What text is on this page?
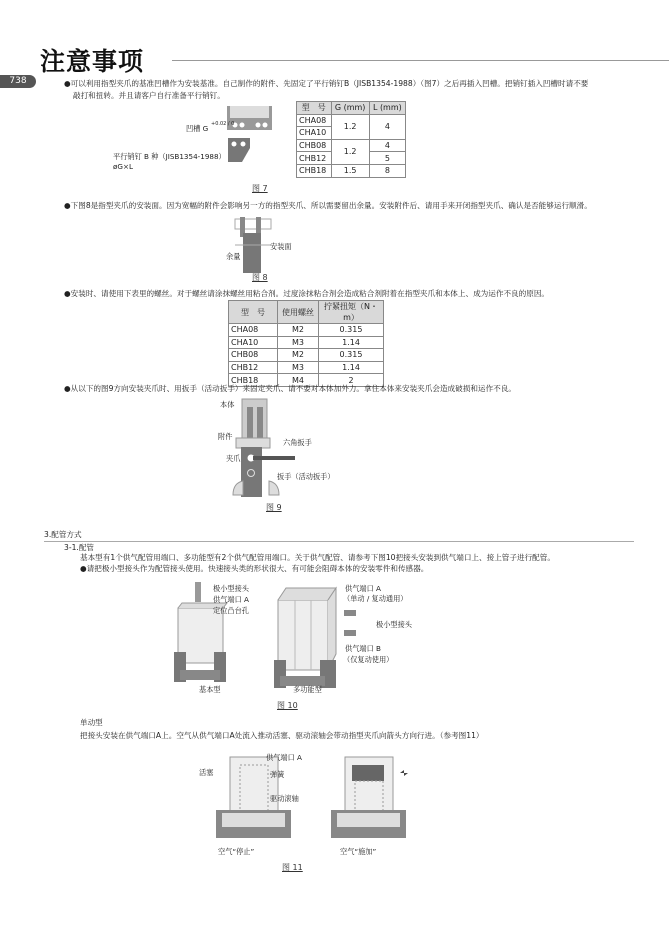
注意事项
738	●可以利用指型夹爪的基准凹槽作为安装基准。自己制作的附件、先固定了平行销钉B（JISB1354-1988）（图7）之后再插入凹槽。把销钉插入凹槽时请不要
敲打和扭转。并且请客户自行准备平行销钉。
凹槽 G +0.02 / 0
平行销钉 B 种（JISB1354-1988）
øG×L
型　号	G (mm)	L (mm)
CHA08	1.2	4
CHA10		
CHB08	1.2	4
CHB12		5
CHB18	1.5	8
图 7
●下图8是指型夹爪的安装面。因为宽幅的附件会影响另一方的指型夹爪、所以需要留出余量。安装附件后、请用手来开闭指型夹爪、确认是否能够运行顺滑。
安装面
余量
图 8
●安装时、请使用下表里的螺丝。对于螺丝请涂抹螺丝用粘合剂。过度涂抹粘合剂会造成粘合剂附着在指型夹爪和本体上、成为运作不良的原因。
型　号	使用螺丝	拧紧扭矩（N・m）
CHA08	M2	0.315
CHA10	M3	1.14
CHB08	M2	0.315
CHB12	M3	1.14
CHB18	M4	2
●从以下的图9方向安装夹爪时、用扳手（活动扳手）来固定夹爪、请不要对本体加外力。拿住本体来安装夹爪会造成破损和运作不良。
本体
附件
六角扳手
夹爪
扳手（活动扳手）
图 9
3.配管方式
3-1.配管
基本型有1个供气配管用端口、多功能型有2个供气配管用端口。关于供气配管、请参考下图10把接头安装到供气端口上、接上管子进行配管。
●请把极小型接头作为配管接头使用。快速接头类的形状很大、有可能会阻碍本体的安装零件和传感器。
极小型接头
供气端口 A
定位凸台孔
供气端口 A
（单动 / 复动通用）
极小型接头
供气端口 B
（仅复动使用）
基本型	多功能型
图 10
单动型
把接头安装在供气端口A上。空气从供气端口A处流入推动活塞、驱动滚轴会带动指型夹爪向箭头方向行进。（参考图11）
供气端口 A
活塞	弹簧
驱动滚轴
空气“停止”	空气“施加”
图 11
